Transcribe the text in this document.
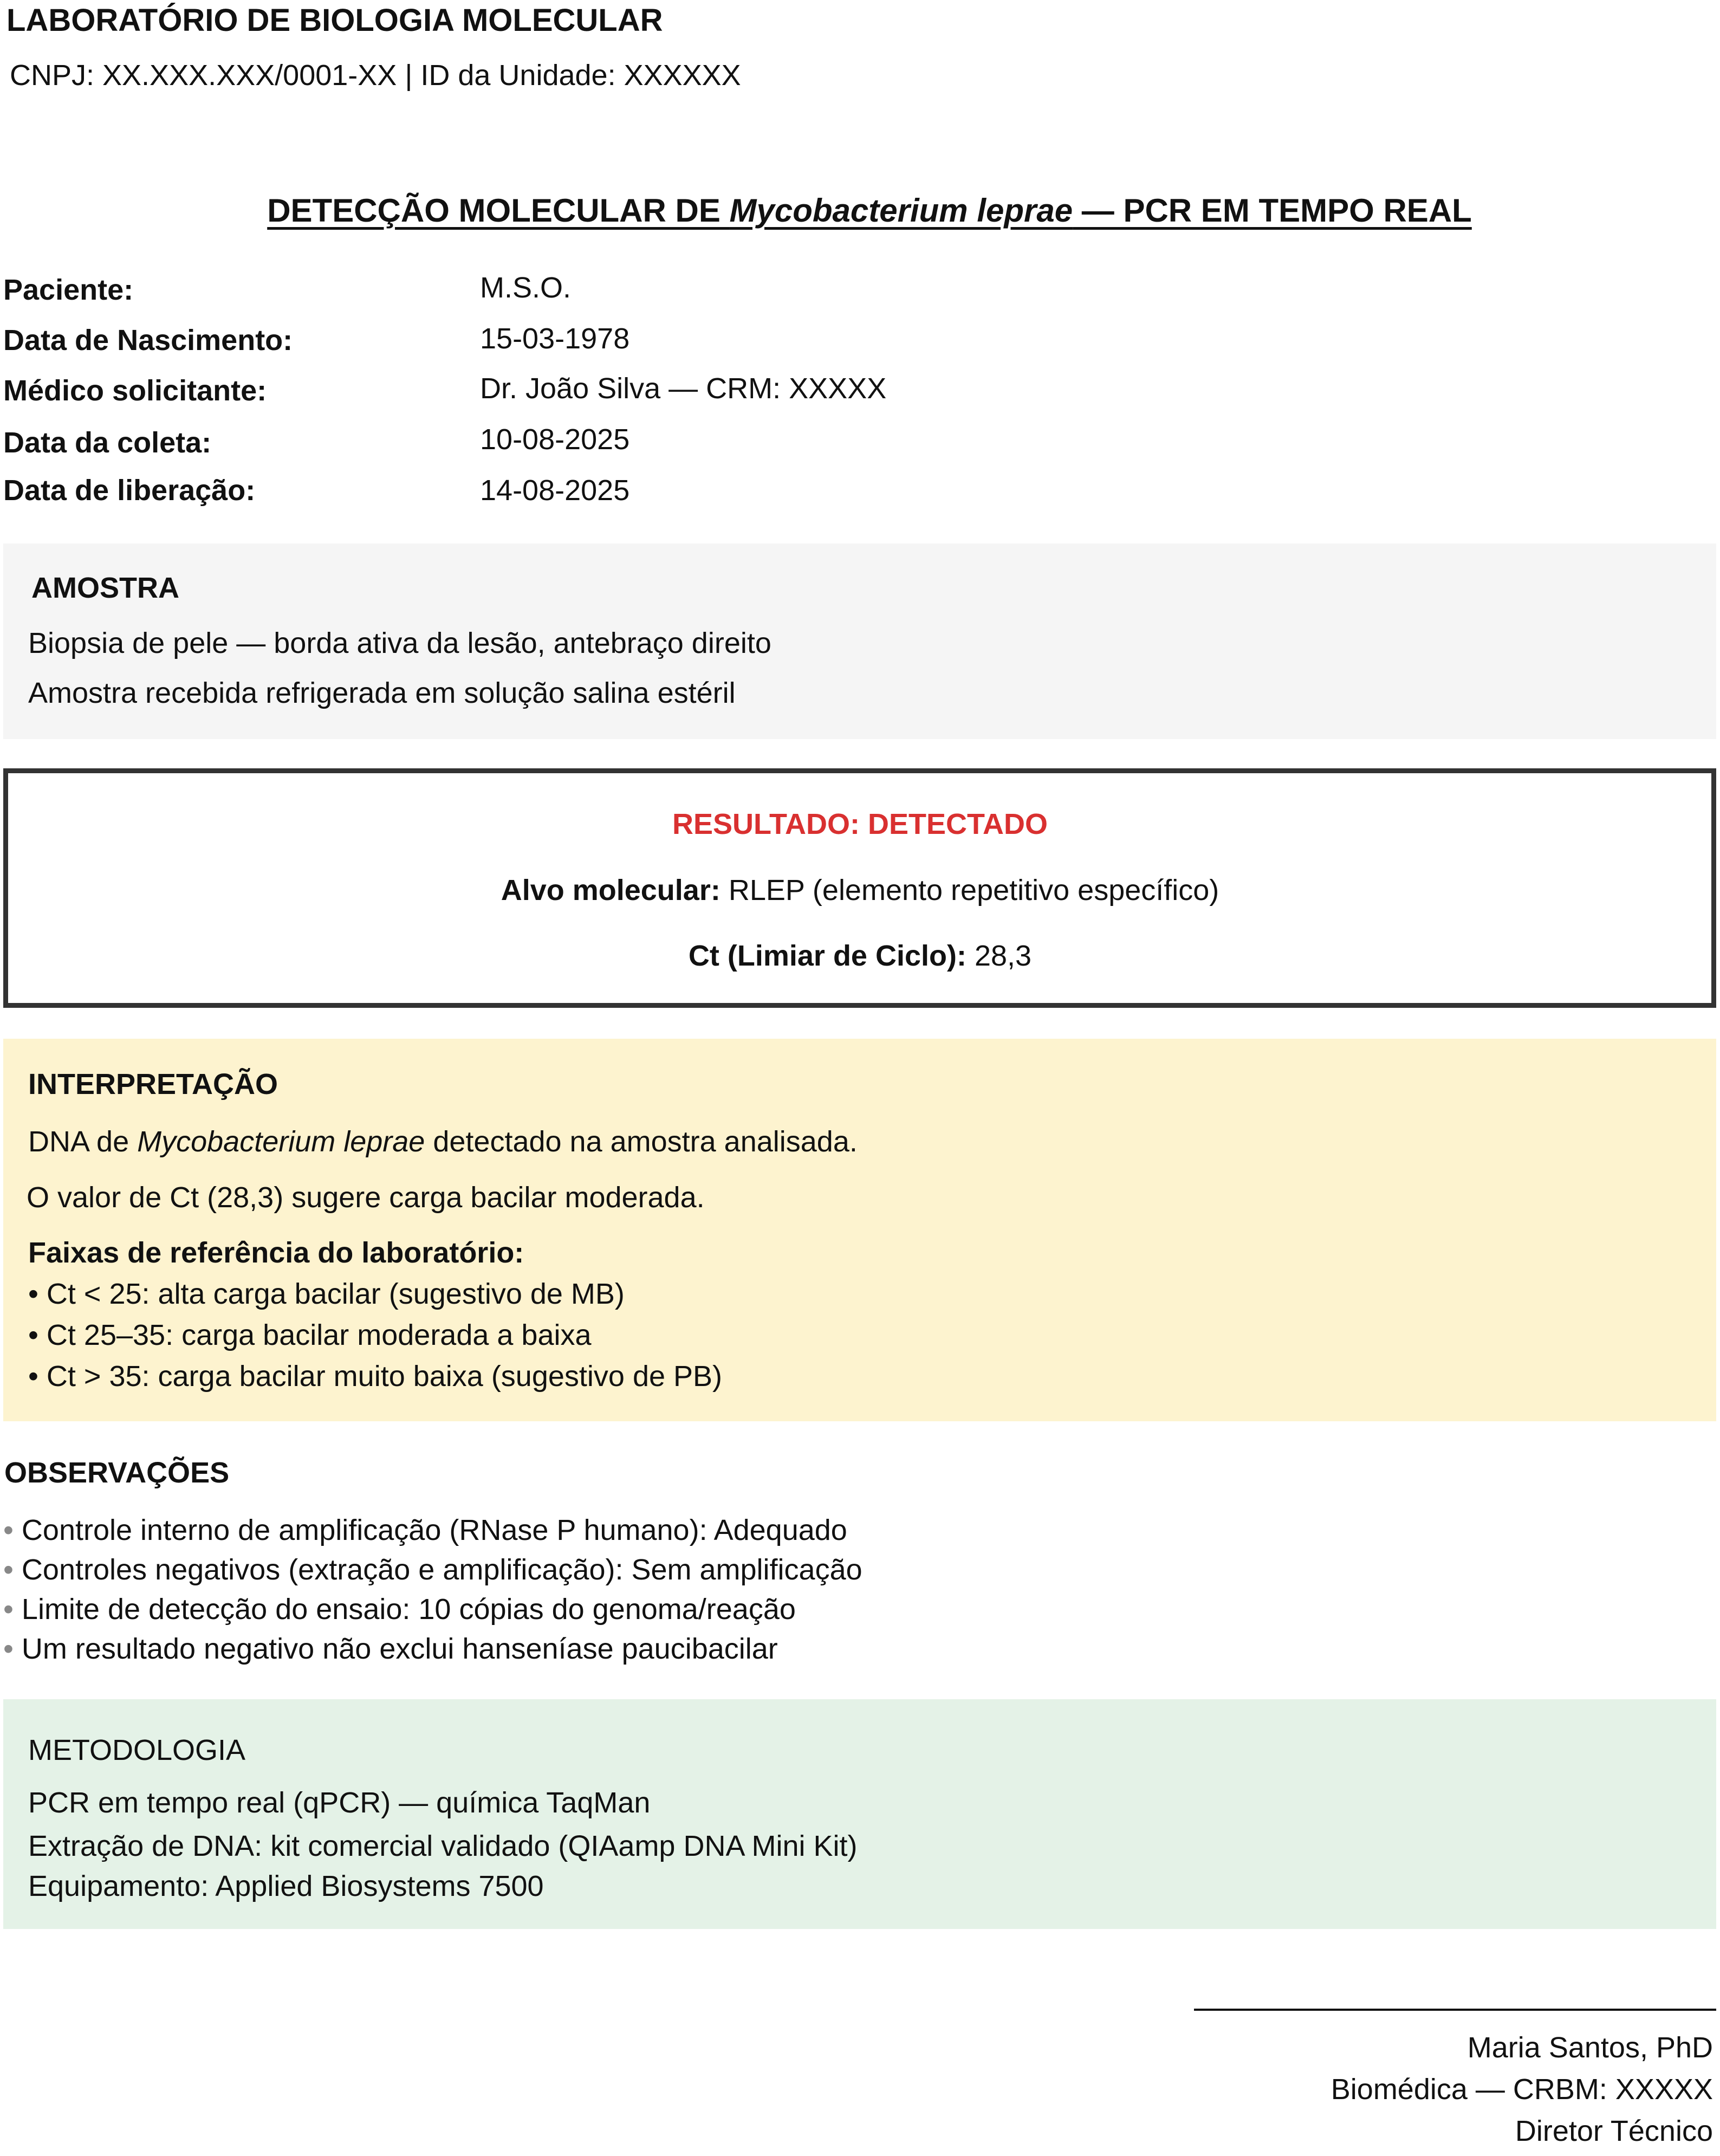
LABORATÓRIO DE BIOLOGIA MOLECULAR
CNPJ: XX.XXX.XXX/0001-XX | ID da Unidade: XXXXXX
DETECÇÃO MOLECULAR DE Mycobacterium leprae — PCR EM TEMPO REAL
Paciente:	M.S.O.
Data de Nascimento:	15-03-1978
Médico solicitante:	Dr. João Silva — CRM: XXXXX
Data da coleta:	10-08-2025
Data de liberação:	14-08-2025
AMOSTRA
Biopsia de pele — borda ativa da lesão, antebraço direito
Amostra recebida refrigerada em solução salina estéril
RESULTADO: DETECTADO
Alvo molecular: RLEP (elemento repetitivo específico)
Ct (Limiar de Ciclo): 28,3
INTERPRETAÇÃO
DNA de Mycobacterium leprae detectado na amostra analisada.
O valor de Ct (28,3) sugere carga bacilar moderada.
Faixas de referência do laboratório:
• Ct < 25: alta carga bacilar (sugestivo de MB)
• Ct 25–35: carga bacilar moderada a baixa
• Ct > 35: carga bacilar muito baixa (sugestivo de PB)
OBSERVAÇÕES
• Controle interno de amplificação (RNase P humano): Adequado
• Controles negativos (extração e amplificação): Sem amplificação
• Limite de detecção do ensaio: 10 cópias do genoma/reação
• Um resultado negativo não exclui hanseníase paucibacilar
METODOLOGIA
PCR em tempo real (qPCR) — química TaqMan
Extração de DNA: kit comercial validado (QIAamp DNA Mini Kit)
Equipamento: Applied Biosystems 7500
Maria Santos, PhD
Biomédica — CRBM: XXXXX
Diretor Técnico
